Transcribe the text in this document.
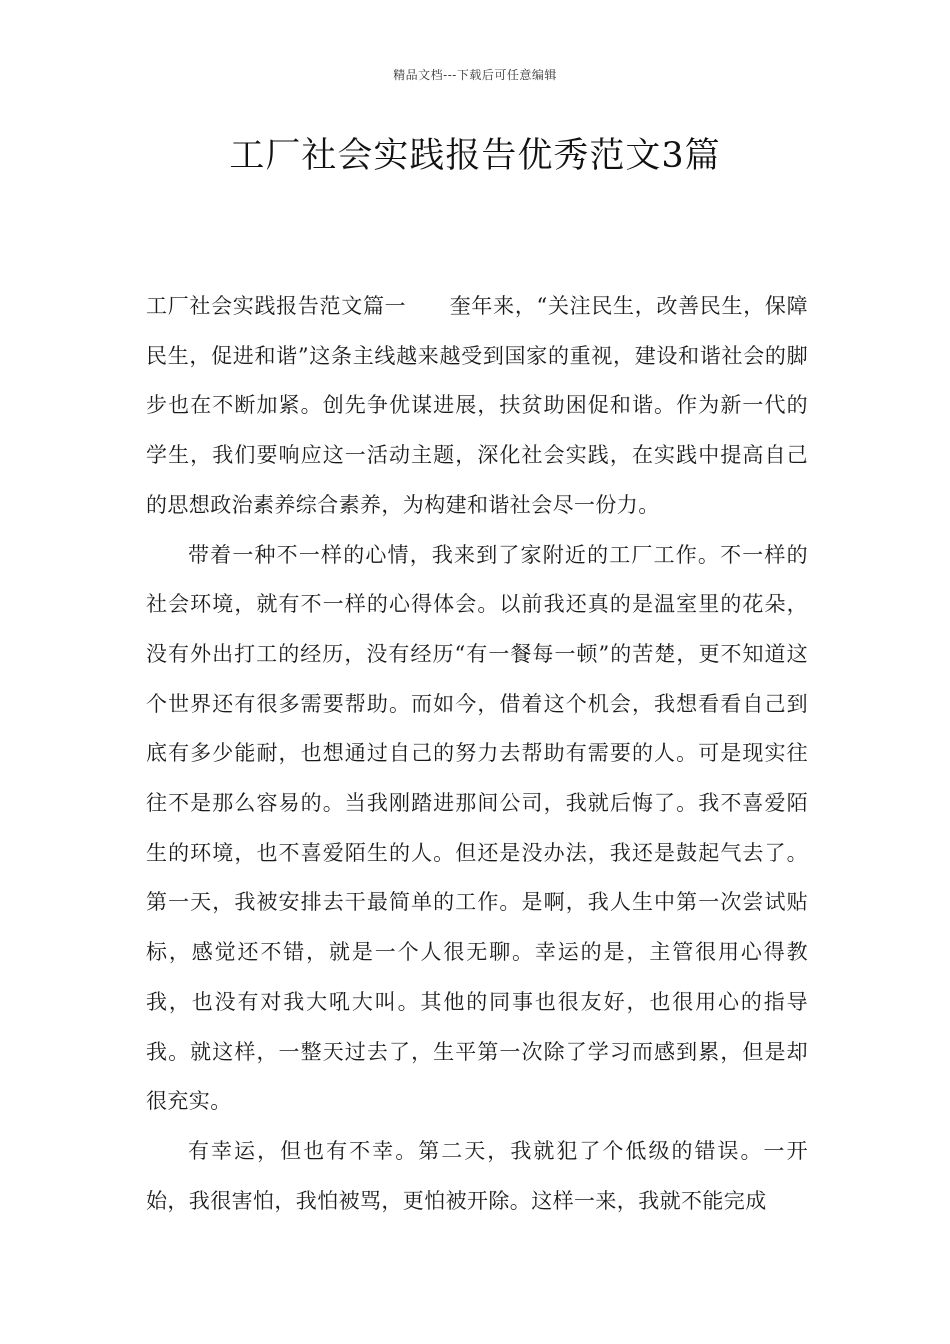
精品文档---下载后可任意编辑
工厂社会实践报告优秀范文3篇

工厂社会实践报告范文篇一　　奎年来，“关注民生，改善民生，保障民生，促进和谐”这条主线越来越受到国家的重视，建设和谐社会的脚步也在不断加紧。创先争优谋进展，扶贫助困促和谐。作为新一代的学生，我们要响应这一活动主题，深化社会实践，在实践中提高自己的思想政治素养综合素养，为构建和谐社会尽一份力。

带着一种不一样的心情，我来到了家附近的工厂工作。不一样的社会环境，就有不一样的心得体会。以前我还真的是温室里的花朵，没有外出打工的经历，没有经历“有一餐每一顿”的苦楚，更不知道这个世界还有很多需要帮助。而如今，借着这个机会，我想看看自己到底有多少能耐，也想通过自己的努力去帮助有需要的人。可是现实往往不是那么容易的。当我刚踏进那间公司，我就后悔了。我不喜爱陌生的环境，也不喜爱陌生的人。但还是没办法，我还是鼓起气去了。第一天，我被安排去干最简单的工作。是啊，我人生中第一次尝试贴标，感觉还不错，就是一个人很无聊。幸运的是，主管很用心得教我，也没有对我大吼大叫。其他的同事也很友好，也很用心的指导我。就这样，一整天过去了，生平第一次除了学习而感到累，但是却很充实。

有幸运，但也有不幸。第二天，我就犯了个低级的错误。一开始，我很害怕，我怕被骂，更怕被开除。这样一来，我就不能完成
